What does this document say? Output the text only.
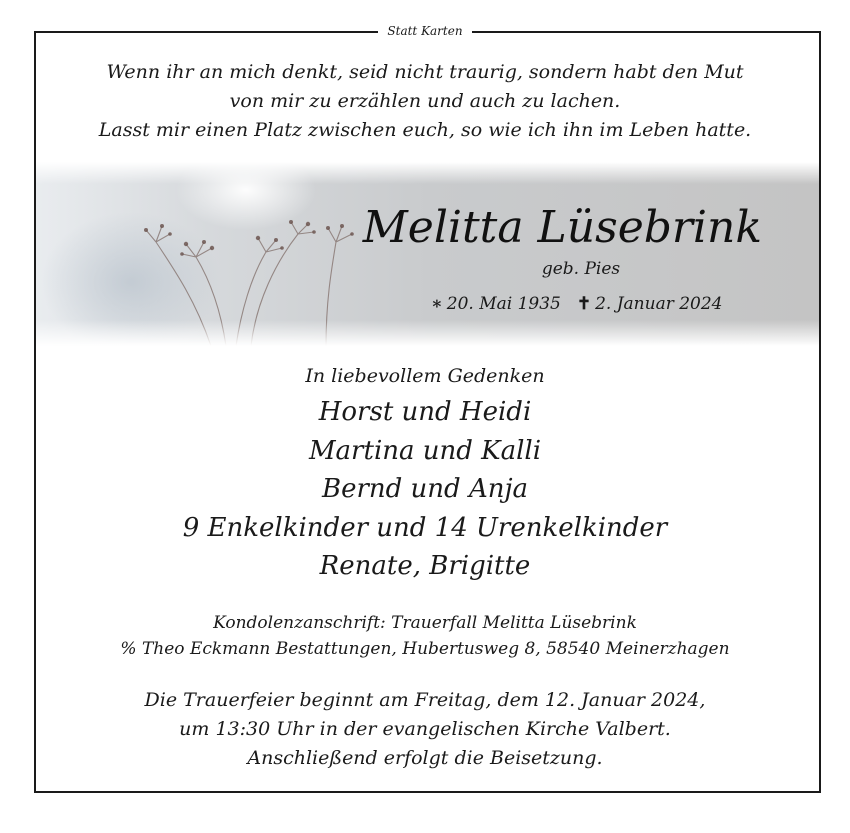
Statt Karten
Wenn ihr an mich denkt, seid nicht traurig, sondern habt den Mut
von mir zu erzählen und auch zu lachen.
Lasst mir einen Platz zwischen euch, so wie ich ihn im Leben hatte.
Melitta Lüsebrink
geb. Pies
∗ 20. Mai 1935 ✝ 2. Januar 2024
In liebevollem Gedenken
Horst und Heidi
Martina und Kalli
Bernd und Anja
9 Enkelkinder und 14 Urenkelkinder
Renate, Brigitte
Kondolenzanschrift: Trauerfall Melitta Lüsebrink
% Theo Eckmann Bestattungen, Hubertusweg 8, 58540 Meinerzhagen
Die Trauerfeier beginnt am Freitag, dem 12. Januar 2024,
um 13:30 Uhr in der evangelischen Kirche Valbert.
Anschließend erfolgt die Beisetzung.
